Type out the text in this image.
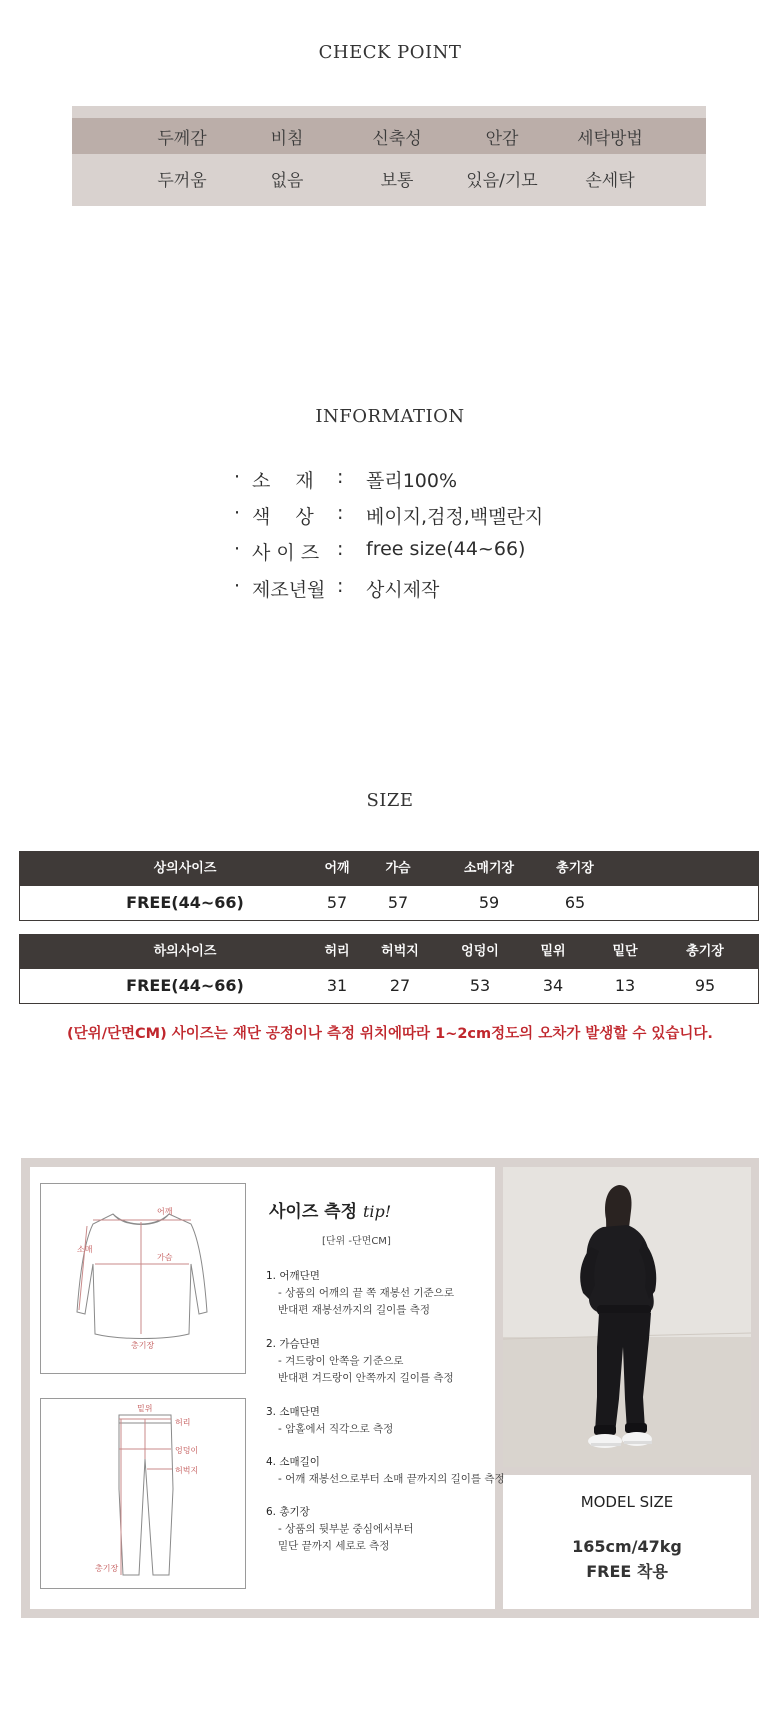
CHECK POINT
두께감	비침	신축성	안감	세탁방법
두꺼움	없음	보통	있음/기모	손세탁
INFORMATION
· 소　 재 : 폴리100%
· 색　 상 : 베이지,검정,백멜란지
· 사 이 즈 : free size(44~66)
· 제조년월 : 상시제작
SIZE
상의사이즈	어깨	가슴	소매기장	총기장
FREE(44~66)	57	57	59	65
하의사이즈	허리	허벅지	엉덩이	밑위	밑단	총기장
FREE(44~66)	31	27	53	34	13	95
(단위/단면CM) 사이즈는 재단 공정이나 측정 위치에따라 1~2cm정도의 오차가 발생할 수 있습니다.
MODEL SIZE
165cm/47kg
FREE 착용
어깨
소매
가슴
총기장
밑위
허리
엉덩이
허벅지
총기장
사이즈 측정 tip!
[단위 -단면CM]
1. 어깨단면
- 상품의 어깨의 끝 쪽 재봉선 기준으로
반대편 재봉선까지의 길이를 측정
2. 가슴단면
- 겨드랑이 안쪽을 기준으로
반대편 겨드랑이 안쪽까지 길이를 측정
3. 소매단면
- 암홀에서 직각으로 측정
4. 소매길이
- 어깨 재봉선으로부터 소매 끝까지의 길이를 측정
6. 총기장
- 상품의 뒷부분 중심에서부터
밑단 끝까지 세로로 측정
